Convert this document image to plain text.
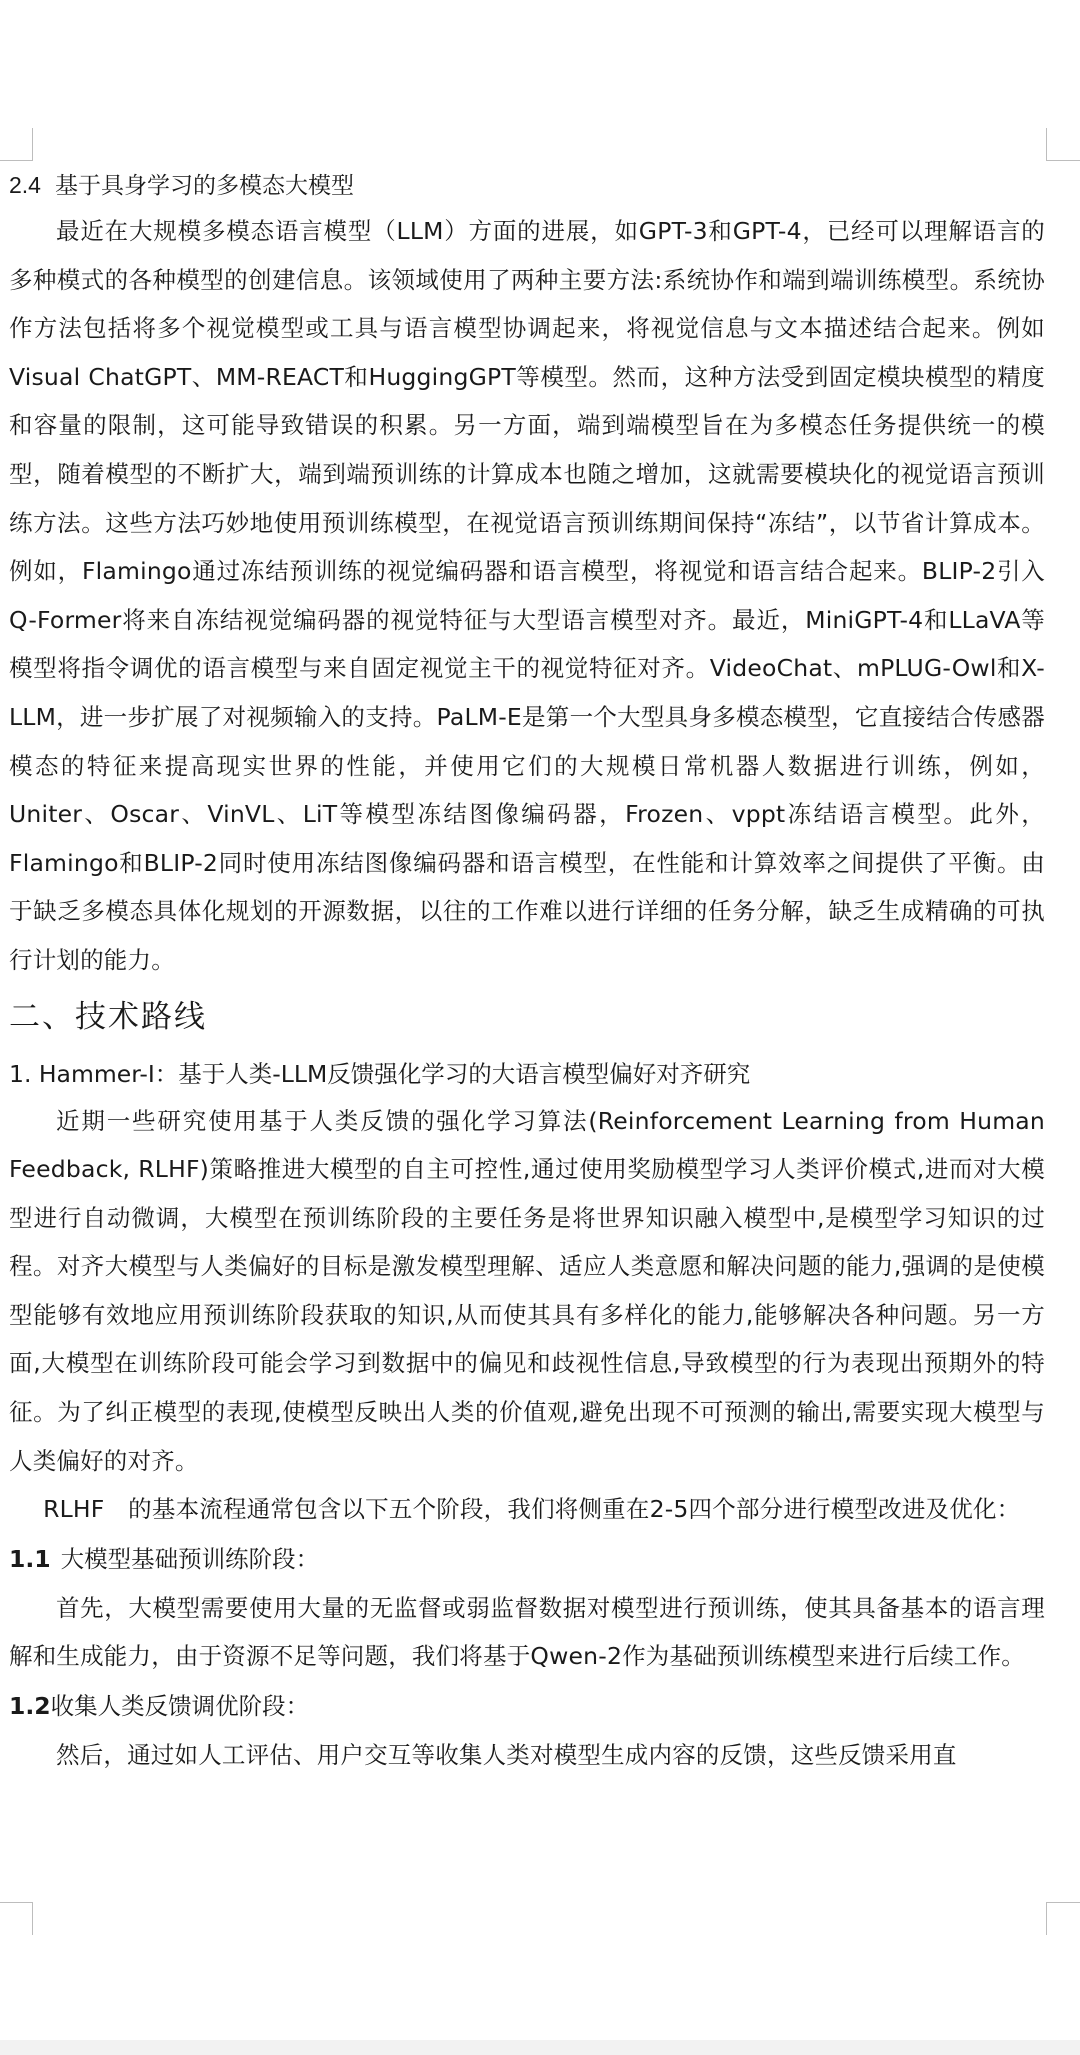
2.4 基于具身学习的多模态大模型

最近在大规模多模态语言模型（LLM）方面的进展，如GPT-3和GPT-4，已经可以理解语言的多种模式的各种模型的创建信息。该领域使用了两种主要方法:系统协作和端到端训练模型。系统协作方法包括将多个视觉模型或工具与语言模型协调起来，将视觉信息与文本描述结合起来。例如Visual ChatGPT、MM-REACT和HuggingGPT等模型。然而，这种方法受到固定模块模型的精度和容量的限制，这可能导致错误的积累。另一方面，端到端模型旨在为多模态任务提供统一的模型，随着模型的不断扩大，端到端预训练的计算成本也随之增加，这就需要模块化的视觉语言预训练方法。这些方法巧妙地使用预训练模型，在视觉语言预训练期间保持“冻结”，以节省计算成本。例如，Flamingo通过冻结预训练的视觉编码器和语言模型，将视觉和语言结合起来。BLIP-2引入Q-Former将来自冻结视觉编码器的视觉特征与大型语言模型对齐。最近，MiniGPT-4和LLaVA等模型将指令调优的语言模型与来自固定视觉主干的视觉特征对齐。VideoChat、mPLUG-Owl和X-LLM，进一步扩展了对视频输入的支持。PaLM-E是第一个大型具身多模态模型，它直接结合传感器模态的特征来提高现实世界的性能，并使用它们的大规模日常机器人数据进行训练，例如，Uniter、Oscar、VinVL、LiT等模型冻结图像编码器，Frozen、vppt冻结语言模型。此外，Flamingo和BLIP-2同时使用冻结图像编码器和语言模型，在性能和计算效率之间提供了平衡。由于缺乏多模态具体化规划的开源数据，以往的工作难以进行详细的任务分解，缺乏生成精确的可执行计划的能力。

二、技术路线
1. Hammer-I：基于人类-LLM反馈强化学习的大语言模型偏好对齐研究

近期一些研究使用基于人类反馈的强化学习算法(Reinforcement Learning from Human Feedback, RLHF)策略推进大模型的自主可控性,通过使用奖励模型学习人类评价模式,进而对大模型进行自动微调，大模型在预训练阶段的主要任务是将世界知识融入模型中,是模型学习知识的过程。对齐大模型与人类偏好的目标是激发模型理解、适应人类意愿和解决问题的能力,强调的是使模型能够有效地应用预训练阶段获取的知识,从而使其具有多样化的能力,能够解决各种问题。另一方面,大模型在训练阶段可能会学习到数据中的偏见和歧视性信息,导致模型的行为表现出预期外的特征。为了纠正模型的表现,使模型反映出人类的价值观,避免出现不可预测的输出,需要实现大模型与人类偏好的对齐。

RLHF　的基本流程通常包含以下五个阶段，我们将侧重在2-5四个部分进行模型改进及优化：

1.1 大模型基础预训练阶段：

首先，大模型需要使用大量的无监督或弱监督数据对模型进行预训练，使其具备基本的语言理解和生成能力，由于资源不足等问题，我们将基于Qwen-2作为基础预训练模型来进行后续工作。

1.2收集人类反馈调优阶段：

然后，通过如人工评估、用户交互等收集人类对模型生成内容的反馈，这些反馈采用直
